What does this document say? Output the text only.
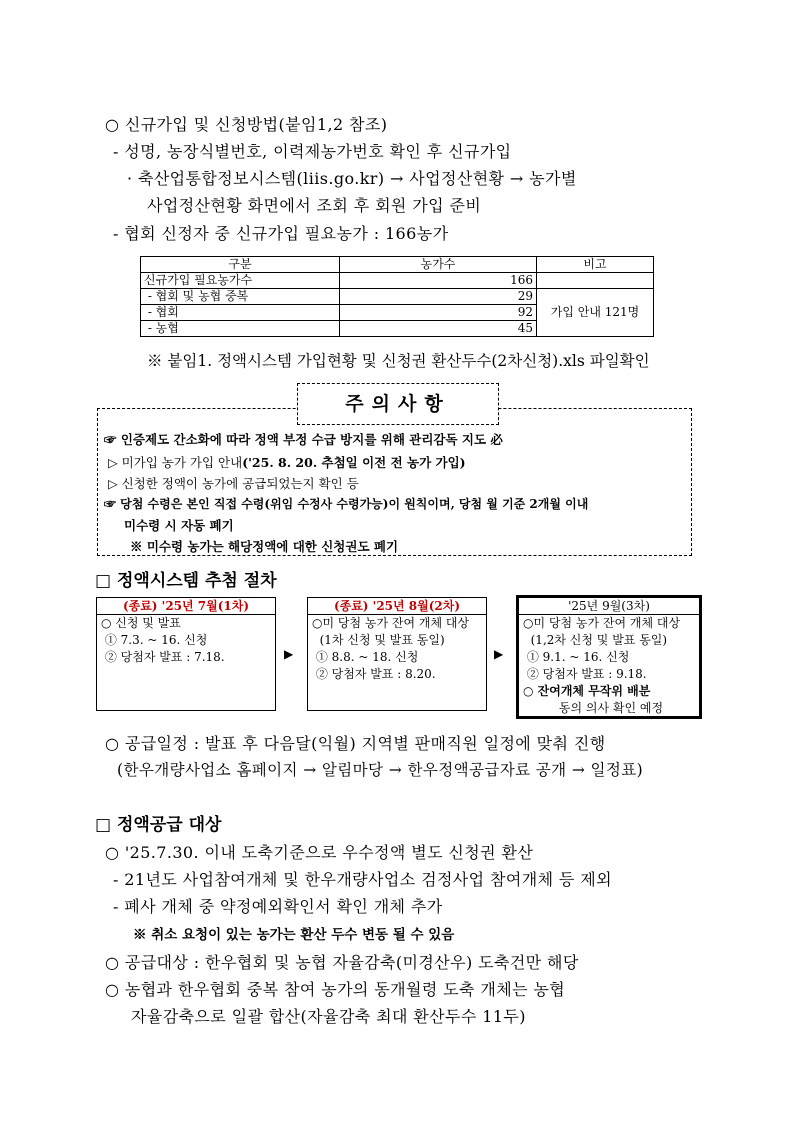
○ 신규가입 및 신청방법(붙임1,2 참조)
- 성명, 농장식별번호, 이력제농가번호 확인 후 신규가입
· 축산업통합정보시스템(liis.go.kr) → 사업정산현황 → 농가별
사업정산현황 화면에서 조회 후 회원 가입 준비
- 협회 신정자 중 신규가입 필요농가 : 166농가
구분	농가수	비고
신규가입 필요농가수	166	
- 협회 및 농협 중복	29	가입 안내 121명
- 협회	92	
- 농협	45	
※ 붙임1. 정액시스템 가입현황 및 신청권 환산두수(2차신청).xls 파일확인
주의사항
☞ 인증제도 간소화에 따라 정액 부정 수급 방지를 위해 관리감독 지도 必
▷ 미가입 농가 가입 안내('25. 8. 20. 추첨일 이전 전 농가 가입)
▷ 신청한 정액이 농가에 공급되었는지 확인 등
☞ 당첨 수령은 본인 직접 수령(위임 수정사 수령가능)이 원칙이며, 당첨 월 기준 2개월 이내
미수령 시 자동 폐기
※ 미수령 농가는 해당정액에 대한 신청권도 폐기
□ 정액시스템 추첨 절차
(종료) '25년 7월(1차)
○ 신청 및 발표
① 7.3. ~ 16. 신청
② 당첨자 발표 : 7.18.	▶
(종료) '25년 8월(2차)
○미 당첨 농가 잔여 개체 대상
(1차 신청 및 발표 동일)
① 8.8. ~ 18. 신청
② 당첨자 발표 : 8.20.
▶
'25년 9월(3차)
○미 당첨 농가 잔여 개체 대상
(1,2차 신청 및 발표 동일)
① 9.1. ~ 16. 신청
② 당첨자 발표 : 9.18.
○ 잔여개체 무작위 배분
동의 의사 확인 예정
○ 공급일정 : 발표 후 다음달(익월) 지역별 판매직원 일정에 맞춰 진행
(한우개량사업소 홈페이지 → 알림마당 → 한우정액공급자료 공개 → 일정표)
□ 정액공급 대상
○ '25.7.30. 이내 도축기준으로 우수정액 별도 신청권 환산
- 21년도 사업참여개체 및 한우개량사업소 검정사업 참여개체 등 제외
- 폐사 개체 중 약정예외확인서 확인 개체 추가
※ 취소 요청이 있는 농가는 환산 두수 변동 될 수 있음
○ 공급대상 : 한우협회 및 농협 자율감축(미경산우) 도축건만 해당
○ 농협과 한우협회 중복 참여 농가의 동개월령 도축 개체는 농협
자율감축으로 일괄 합산(자율감축 최대 환산두수 11두)
